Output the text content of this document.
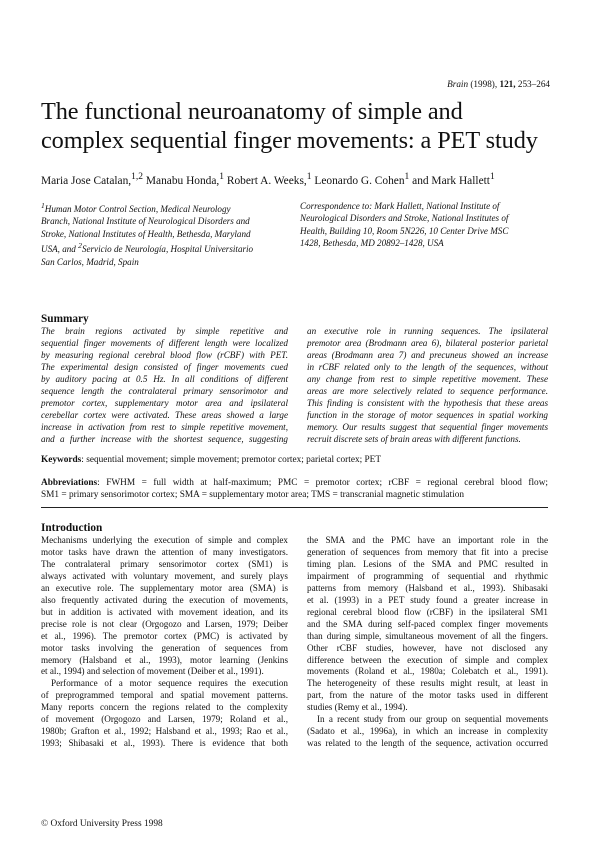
Brain (1998), 121, 253–264
The functional neuroanatomy of simple and
complex sequential finger movements: a PET study
Maria Jose Catalan,$^{1,2}$ Manabu Honda,$^1$ Robert A. Weeks,$^1$ Leonardo G. Cohen$^1$ and Mark Hallett$^1$
$^1$Human Motor Control Section, Medical Neurology
Branch, National Institute of Neurological Disorders and
Stroke, National Institutes of Health, Bethesda, Maryland
USA, and $^2$Servicio de Neurología, Hospital Universitario
San Carlos, Madrid, Spain
Correspondence to: Mark Hallett, National Institute of
Neurological Disorders and Stroke, National Institutes of
Health, Building 10, Room 5N226, 10 Center Drive MSC
1428, Bethesda, MD 20892–1428, USA
Summary
The brain regions activated by simple repetitive and
sequential finger movements of different length were localized
by measuring regional cerebral blood flow (rCBF) with PET.
The experimental design consisted of finger movements cued
by auditory pacing at 0.5 Hz. In all conditions of different
sequence length the contralateral primary sensorimotor and
premotor cortex, supplementary motor area and ipsilateral
cerebellar cortex were activated. These areas showed a large
increase in activation from rest to simple repetitive movement,
and a further increase with the shortest sequence, suggesting
an executive role in running sequences. The ipsilateral
premotor area (Brodmann area 6), bilateral posterior parietal
areas (Brodmann area 7) and precuneus showed an increase
in rCBF related only to the length of the sequences, without
any change from rest to simple repetitive movement. These
areas are more selectively related to sequence performance.
This finding is consistent with the hypothesis that these areas
function in the storage of motor sequences in spatial working
memory. Our results suggest that sequential finger movements
recruit discrete sets of brain areas with different functions.
Keywords: sequential movement; simple movement; premotor cortex; parietal cortex; PET
Abbreviations: FWHM = full width at half-maximum; PMC = premotor cortex; rCBF = regional cerebral blood flow;
SM1 = primary sensorimotor cortex; SMA = supplementary motor area; TMS = transcranial magnetic stimulation
Introduction
Mechanisms underlying the execution of simple and complex
motor tasks have drawn the attention of many investigators.
The contralateral primary sensorimotor cortex (SM1) is
always activated with voluntary movement, and surely plays
an executive role. The supplementary motor area (SMA) is
also frequently activated during the execution of movements,
but in addition is activated with movement ideation, and its
precise role is not clear (Orgogozo and Larsen, 1979; Deiber
et al., 1996). The premotor cortex (PMC) is activated by
motor tasks involving the generation of sequences from
memory (Halsband et al., 1993), motor learning (Jenkins
et al., 1994) and selection of movement (Deiber et al., 1991).
Performance of a motor sequence requires the execution
of preprogrammed temporal and spatial movement patterns.
Many reports concern the regions related to the complexity
of movement (Orgogozo and Larsen, 1979; Roland et al.,
1980b; Grafton et al., 1992; Halsband et al., 1993; Rao et al.,
1993; Shibasaki et al., 1993). There is evidence that both
the SMA and the PMC have an important role in the
generation of sequences from memory that fit into a precise
timing plan. Lesions of the SMA and PMC resulted in
impairment of programming of sequential and rhythmic
patterns from memory (Halsband et al., 1993). Shibasaki
et al. (1993) in a PET study found a greater increase in
regional cerebral blood flow (rCBF) in the ipsilateral SM1
and the SMA during self-paced complex finger movements
than during simple, simultaneous movement of all the fingers.
Other rCBF studies, however, have not disclosed any
difference between the execution of simple and complex
movements (Roland et al., 1980a; Colebatch et al., 1991).
The heterogeneity of these results might result, at least in
part, from the nature of the motor tasks used in different
studies (Remy et al., 1994).
In a recent study from our group on sequential movements
(Sadato et al., 1996a), in which an increase in complexity
was related to the length of the sequence, activation occurred
© Oxford University Press 1998
